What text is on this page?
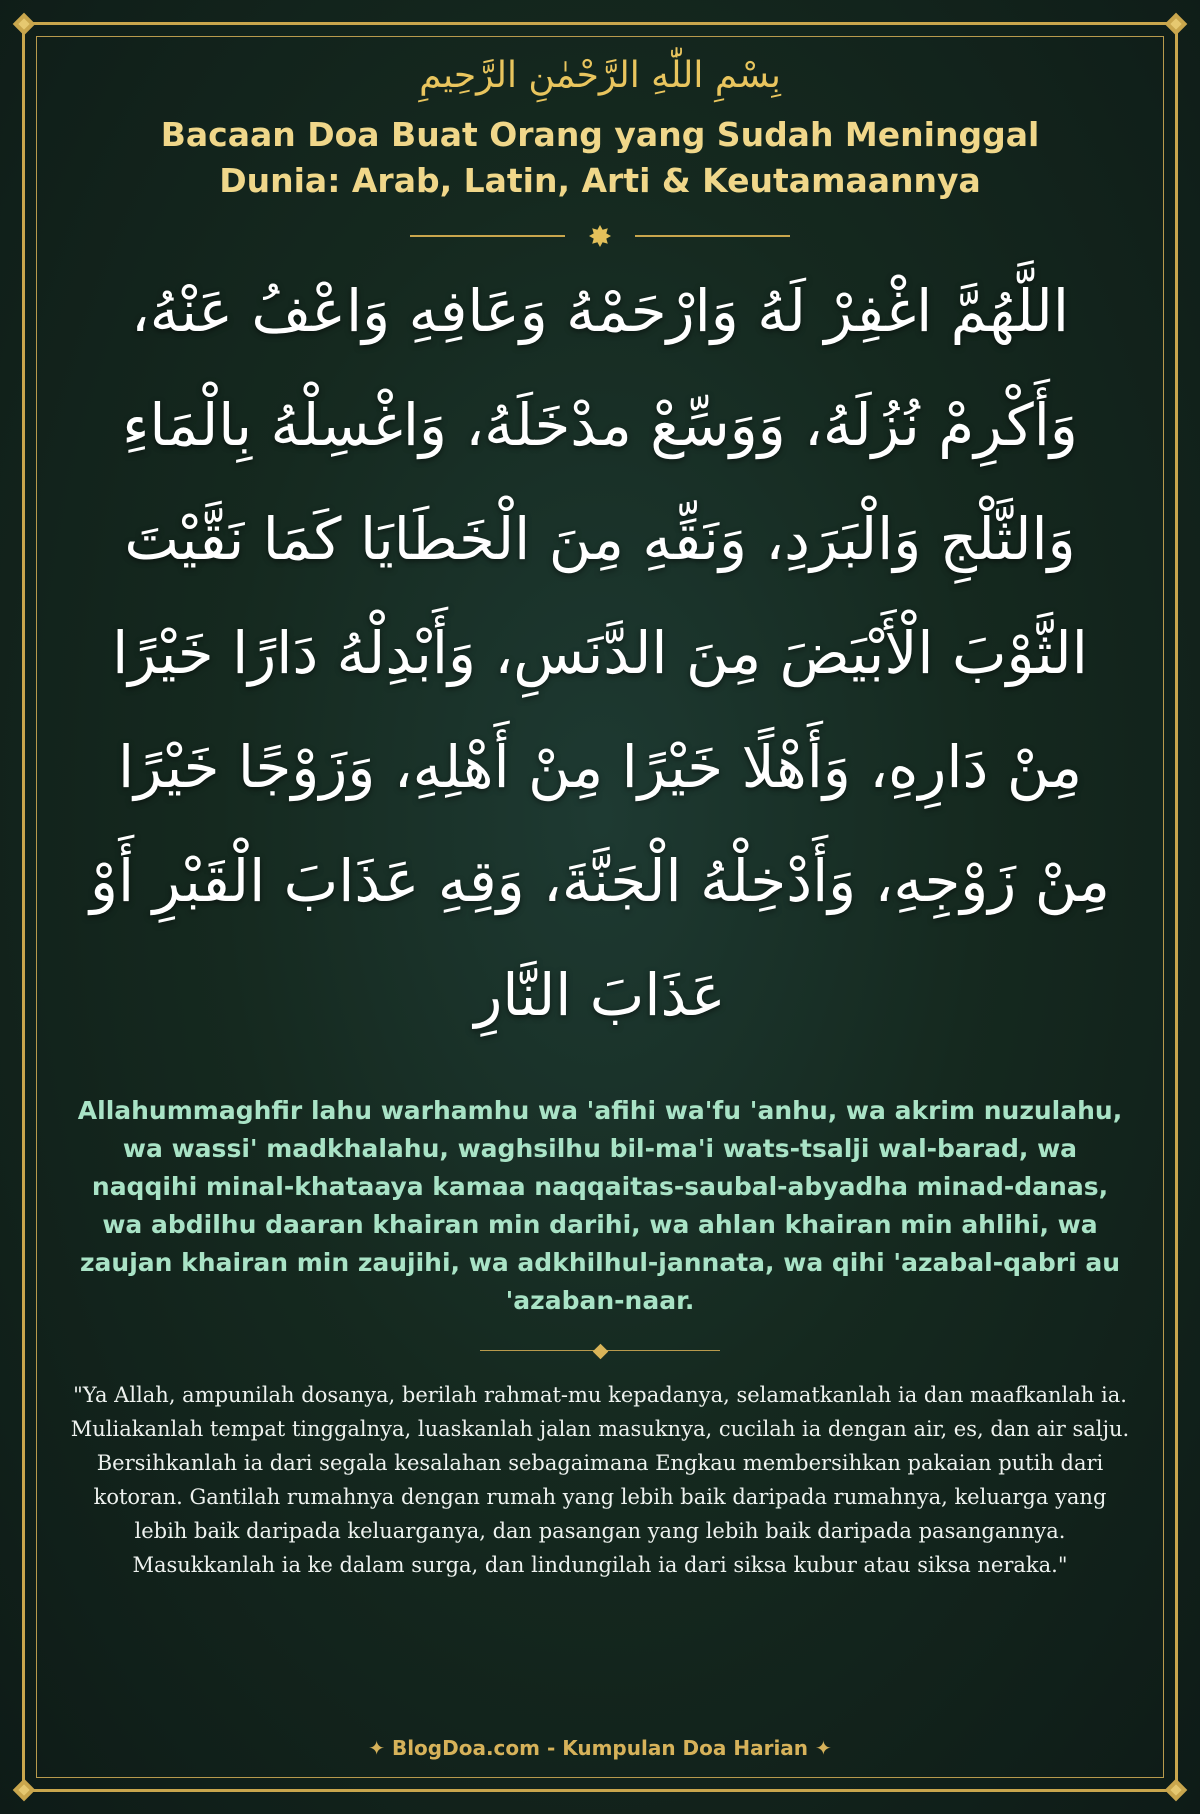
بِسْمِ اللّٰهِ الرَّحْمٰنِ الرَّحِيمِ

Bacaan Doa Buat Orang yang Sudah Meninggal Dunia: Arab, Latin, Arti & Keutamaannya
اللَّهُمَّ اغْفِرْ لَهُ وَارْحَمْهُ وَعَافِهِ وَاعْفُ عَنْهُ، وَأَكْرِمْ نُزُلَهُ، وَوَسِّعْ مدْخَلَهُ، وَاغْسِلْهُ بِالْمَاءِ وَالثَّلْجِ وَالْبَرَدِ، وَنَقِّهِ مِنَ الْخَطَايَا كَمَا نَقَّيْتَ الثَّوْبَ الْأَبْيَضَ مِنَ الدَّنَسِ، وَأَبْدِلْهُ دَارًا خَيْرًا مِنْ دَارِهِ، وَأَهْلًا خَيْرًا مِنْ أَهْلِهِ، وَزَوْجًا خَيْرًا مِنْ زَوْجِهِ، وَأَدْخِلْهُ الْجَنَّةَ، وَقِهِ عَذَابَ الْقَبْرِ أَوْ عَذَابَ النَّارِ
Allahummaghfir lahu warhamhu wa 'afihi wa'fu 'anhu, wa akrim nuzulahu, wa wassi' madkhalahu, waghsilhu bil-ma'i wats-tsalji wal-barad, wa naqqihi minal-khataaya kamaa naqqaitas-saubal-abyadha minad-danas, wa abdilhu daaran khairan min darihi, wa ahlan khairan min ahlihi, wa zaujan khairan min zaujihi, wa adkhilhul-jannata, wa qihi 'azabal-qabri au 'azaban-naar.
"Ya Allah, ampunilah dosanya, berilah rahmat-mu kepadanya, selamatkanlah ia dan maafkanlah ia. Muliakanlah tempat tinggalnya, luaskanlah jalan masuknya, cucilah ia dengan air, es, dan air salju. Bersihkanlah ia dari segala kesalahan sebagaimana Engkau membersihkan pakaian putih dari kotoran. Gantilah rumahnya dengan rumah yang lebih baik daripada rumahnya, keluarga yang lebih baik daripada keluarganya, dan pasangan yang lebih baik daripada pasangannya. Masukkanlah ia ke dalam surga, dan lindungilah ia dari siksa kubur atau siksa neraka."
✦ BlogDoa.com - Kumpulan Doa Harian ✦
